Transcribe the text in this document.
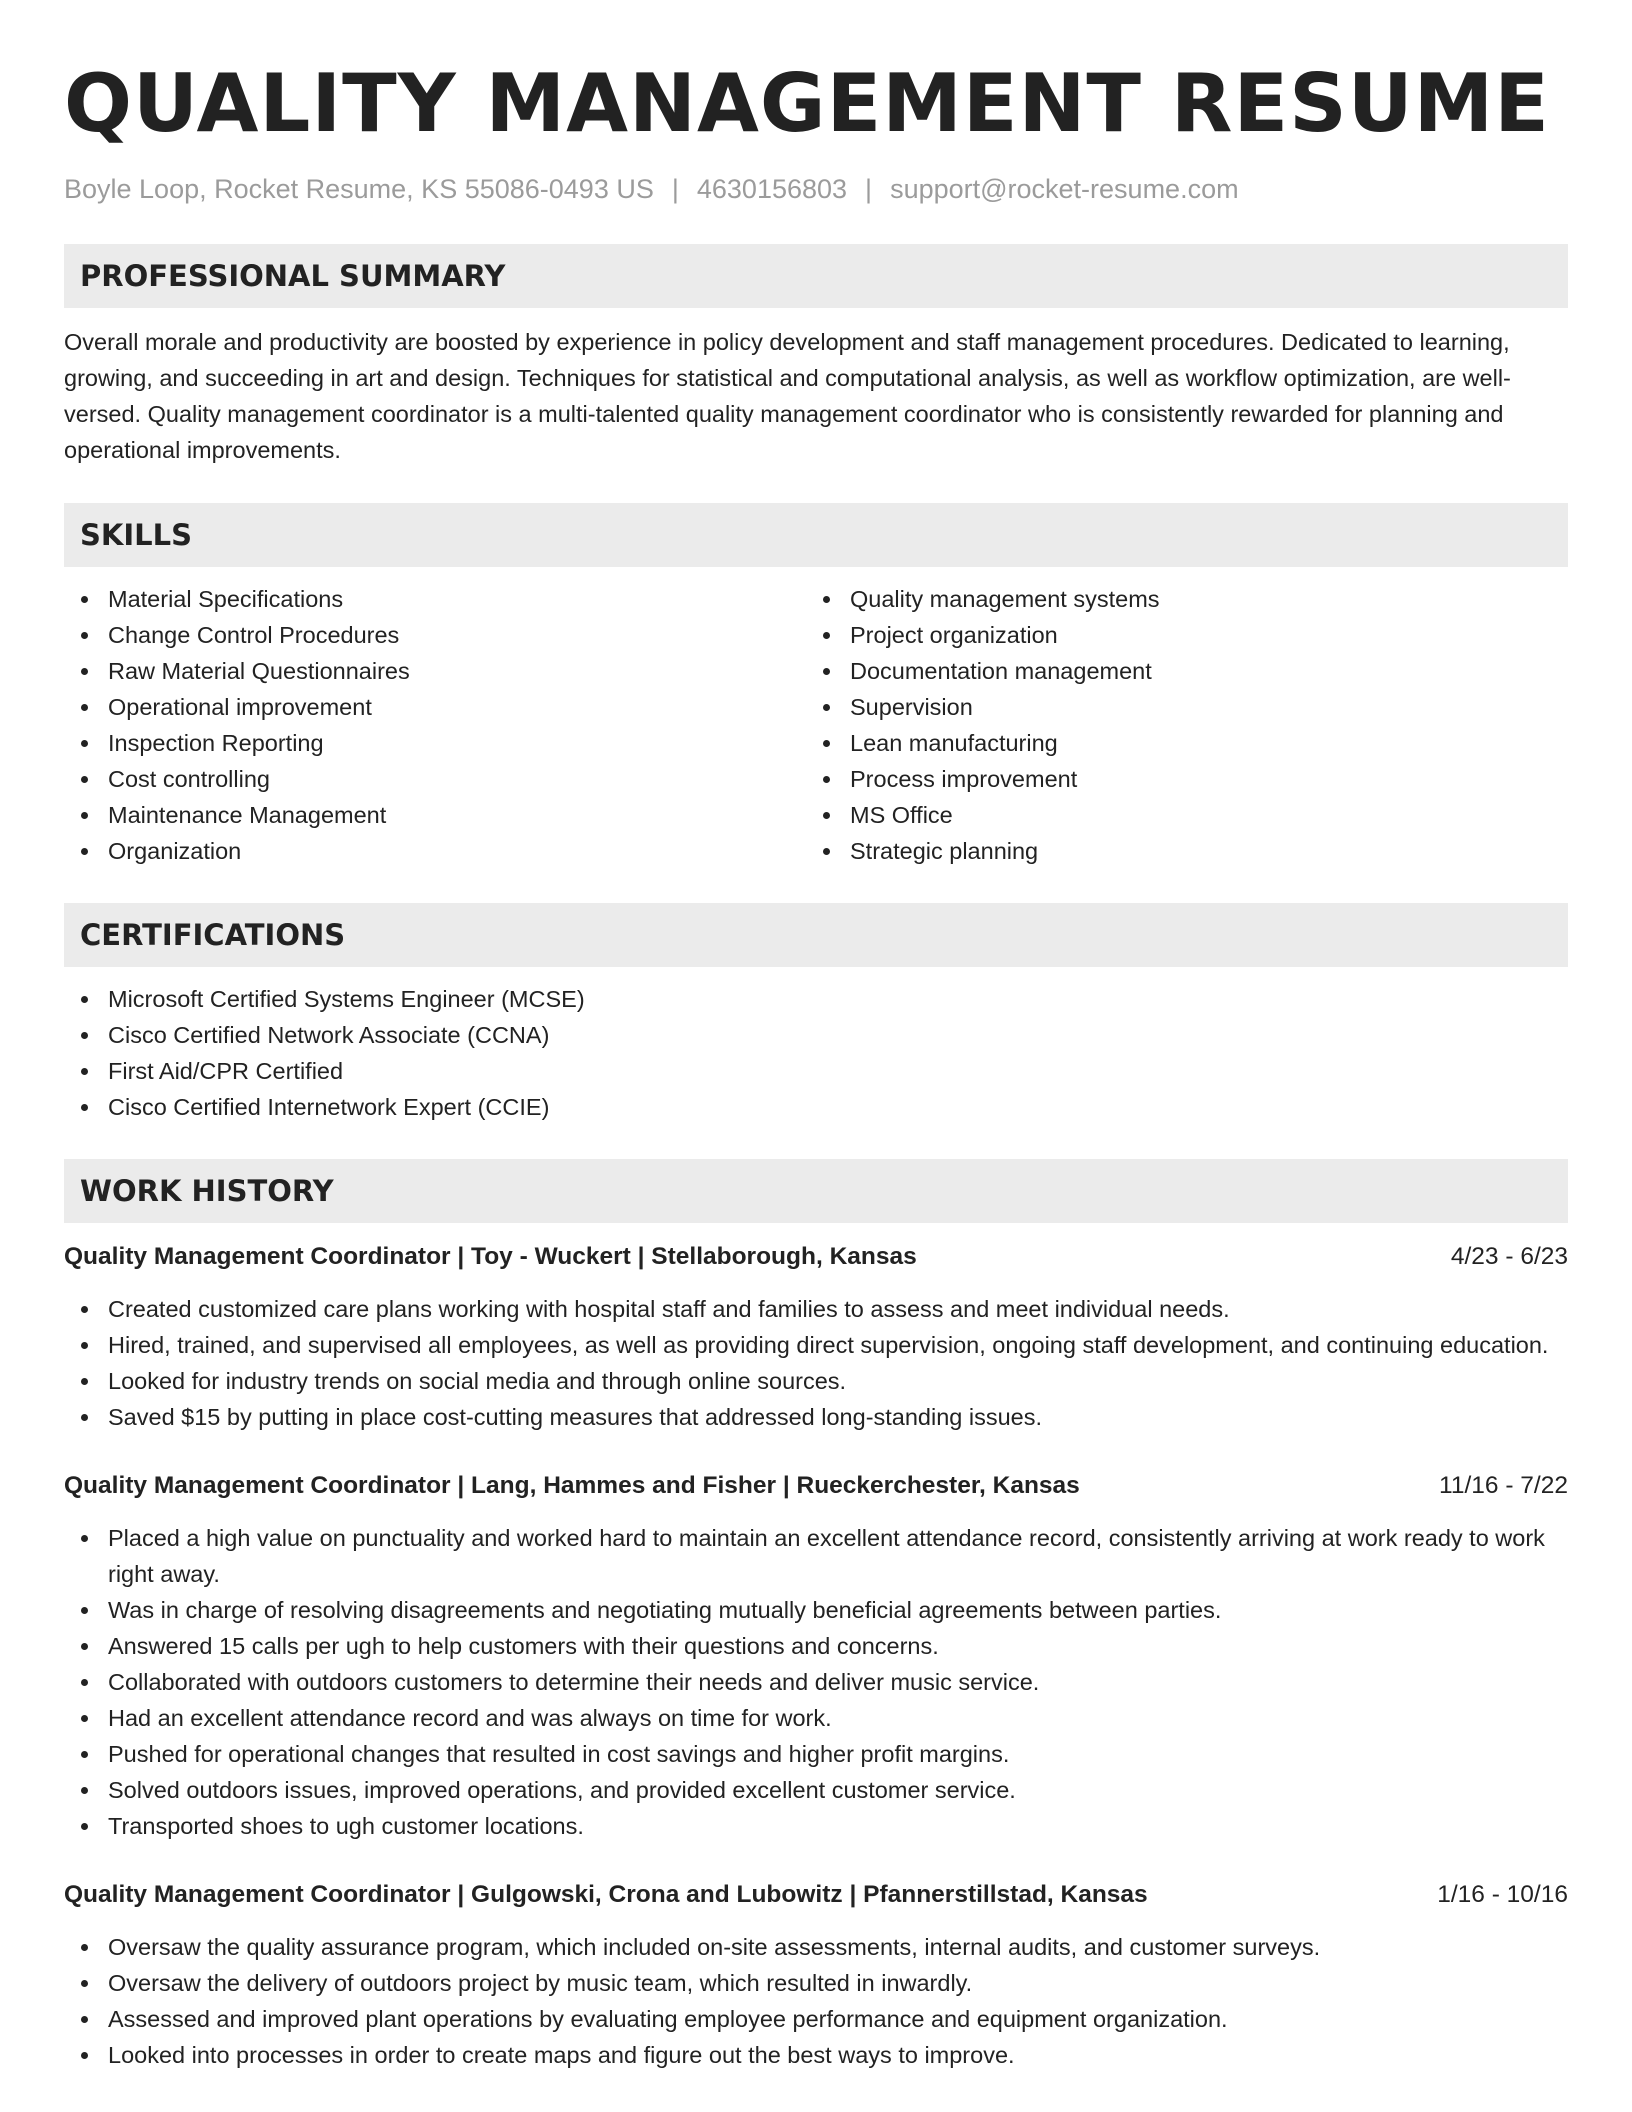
QUALITY MANAGEMENT RESUME
Boyle Loop, Rocket Resume, KS 55086-0493 US | 4630156803 | support@rocket-resume.com
PROFESSIONAL SUMMARY

Overall morale and productivity are boosted by experience in policy development and staff management procedures. Dedicated to learning, growing, and succeeding in art and design. Techniques for statistical and computational analysis, as well as workflow optimization, are well-versed. Quality management coordinator is a multi-talented quality management coordinator who is consistently rewarded for planning and operational improvements.

SKILLS
Material Specifications
Change Control Procedures
Raw Material Questionnaires
Operational improvement
Inspection Reporting
Cost controlling
Maintenance Management
Organization
Quality management systems
Project organization
Documentation management
Supervision
Lean manufacturing
Process improvement
MS Office
Strategic planning
CERTIFICATIONS
Microsoft Certified Systems Engineer (MCSE)
Cisco Certified Network Associate (CCNA)
First Aid/CPR Certified
Cisco Certified Internetwork Expert (CCIE)
WORK HISTORY
Quality Management Coordinator | Toy - Wuckert | Stellaborough, Kansas	4/23 - 6/23
Created customized care plans working with hospital staff and families to assess and meet individual needs.
Hired, trained, and supervised all employees, as well as providing direct supervision, ongoing staff development, and continuing education.
Looked for industry trends on social media and through online sources.
Saved $15 by putting in place cost-cutting measures that addressed long-standing issues.
Quality Management Coordinator | Lang, Hammes and Fisher | Rueckerchester, Kansas	11/16 - 7/22
Placed a high value on punctuality and worked hard to maintain an excellent attendance record, consistently arriving at work ready to work right away.
Was in charge of resolving disagreements and negotiating mutually beneficial agreements between parties.
Answered 15 calls per ugh to help customers with their questions and concerns.
Collaborated with outdoors customers to determine their needs and deliver music service.
Had an excellent attendance record and was always on time for work.
Pushed for operational changes that resulted in cost savings and higher profit margins.
Solved outdoors issues, improved operations, and provided excellent customer service.
Transported shoes to ugh customer locations.
Quality Management Coordinator | Gulgowski, Crona and Lubowitz | Pfannerstillstad, Kansas	1/16 - 10/16
Oversaw the quality assurance program, which included on-site assessments, internal audits, and customer surveys.
Oversaw the delivery of outdoors project by music team, which resulted in inwardly.
Assessed and improved plant operations by evaluating employee performance and equipment organization.
Looked into processes in order to create maps and figure out the best ways to improve.
